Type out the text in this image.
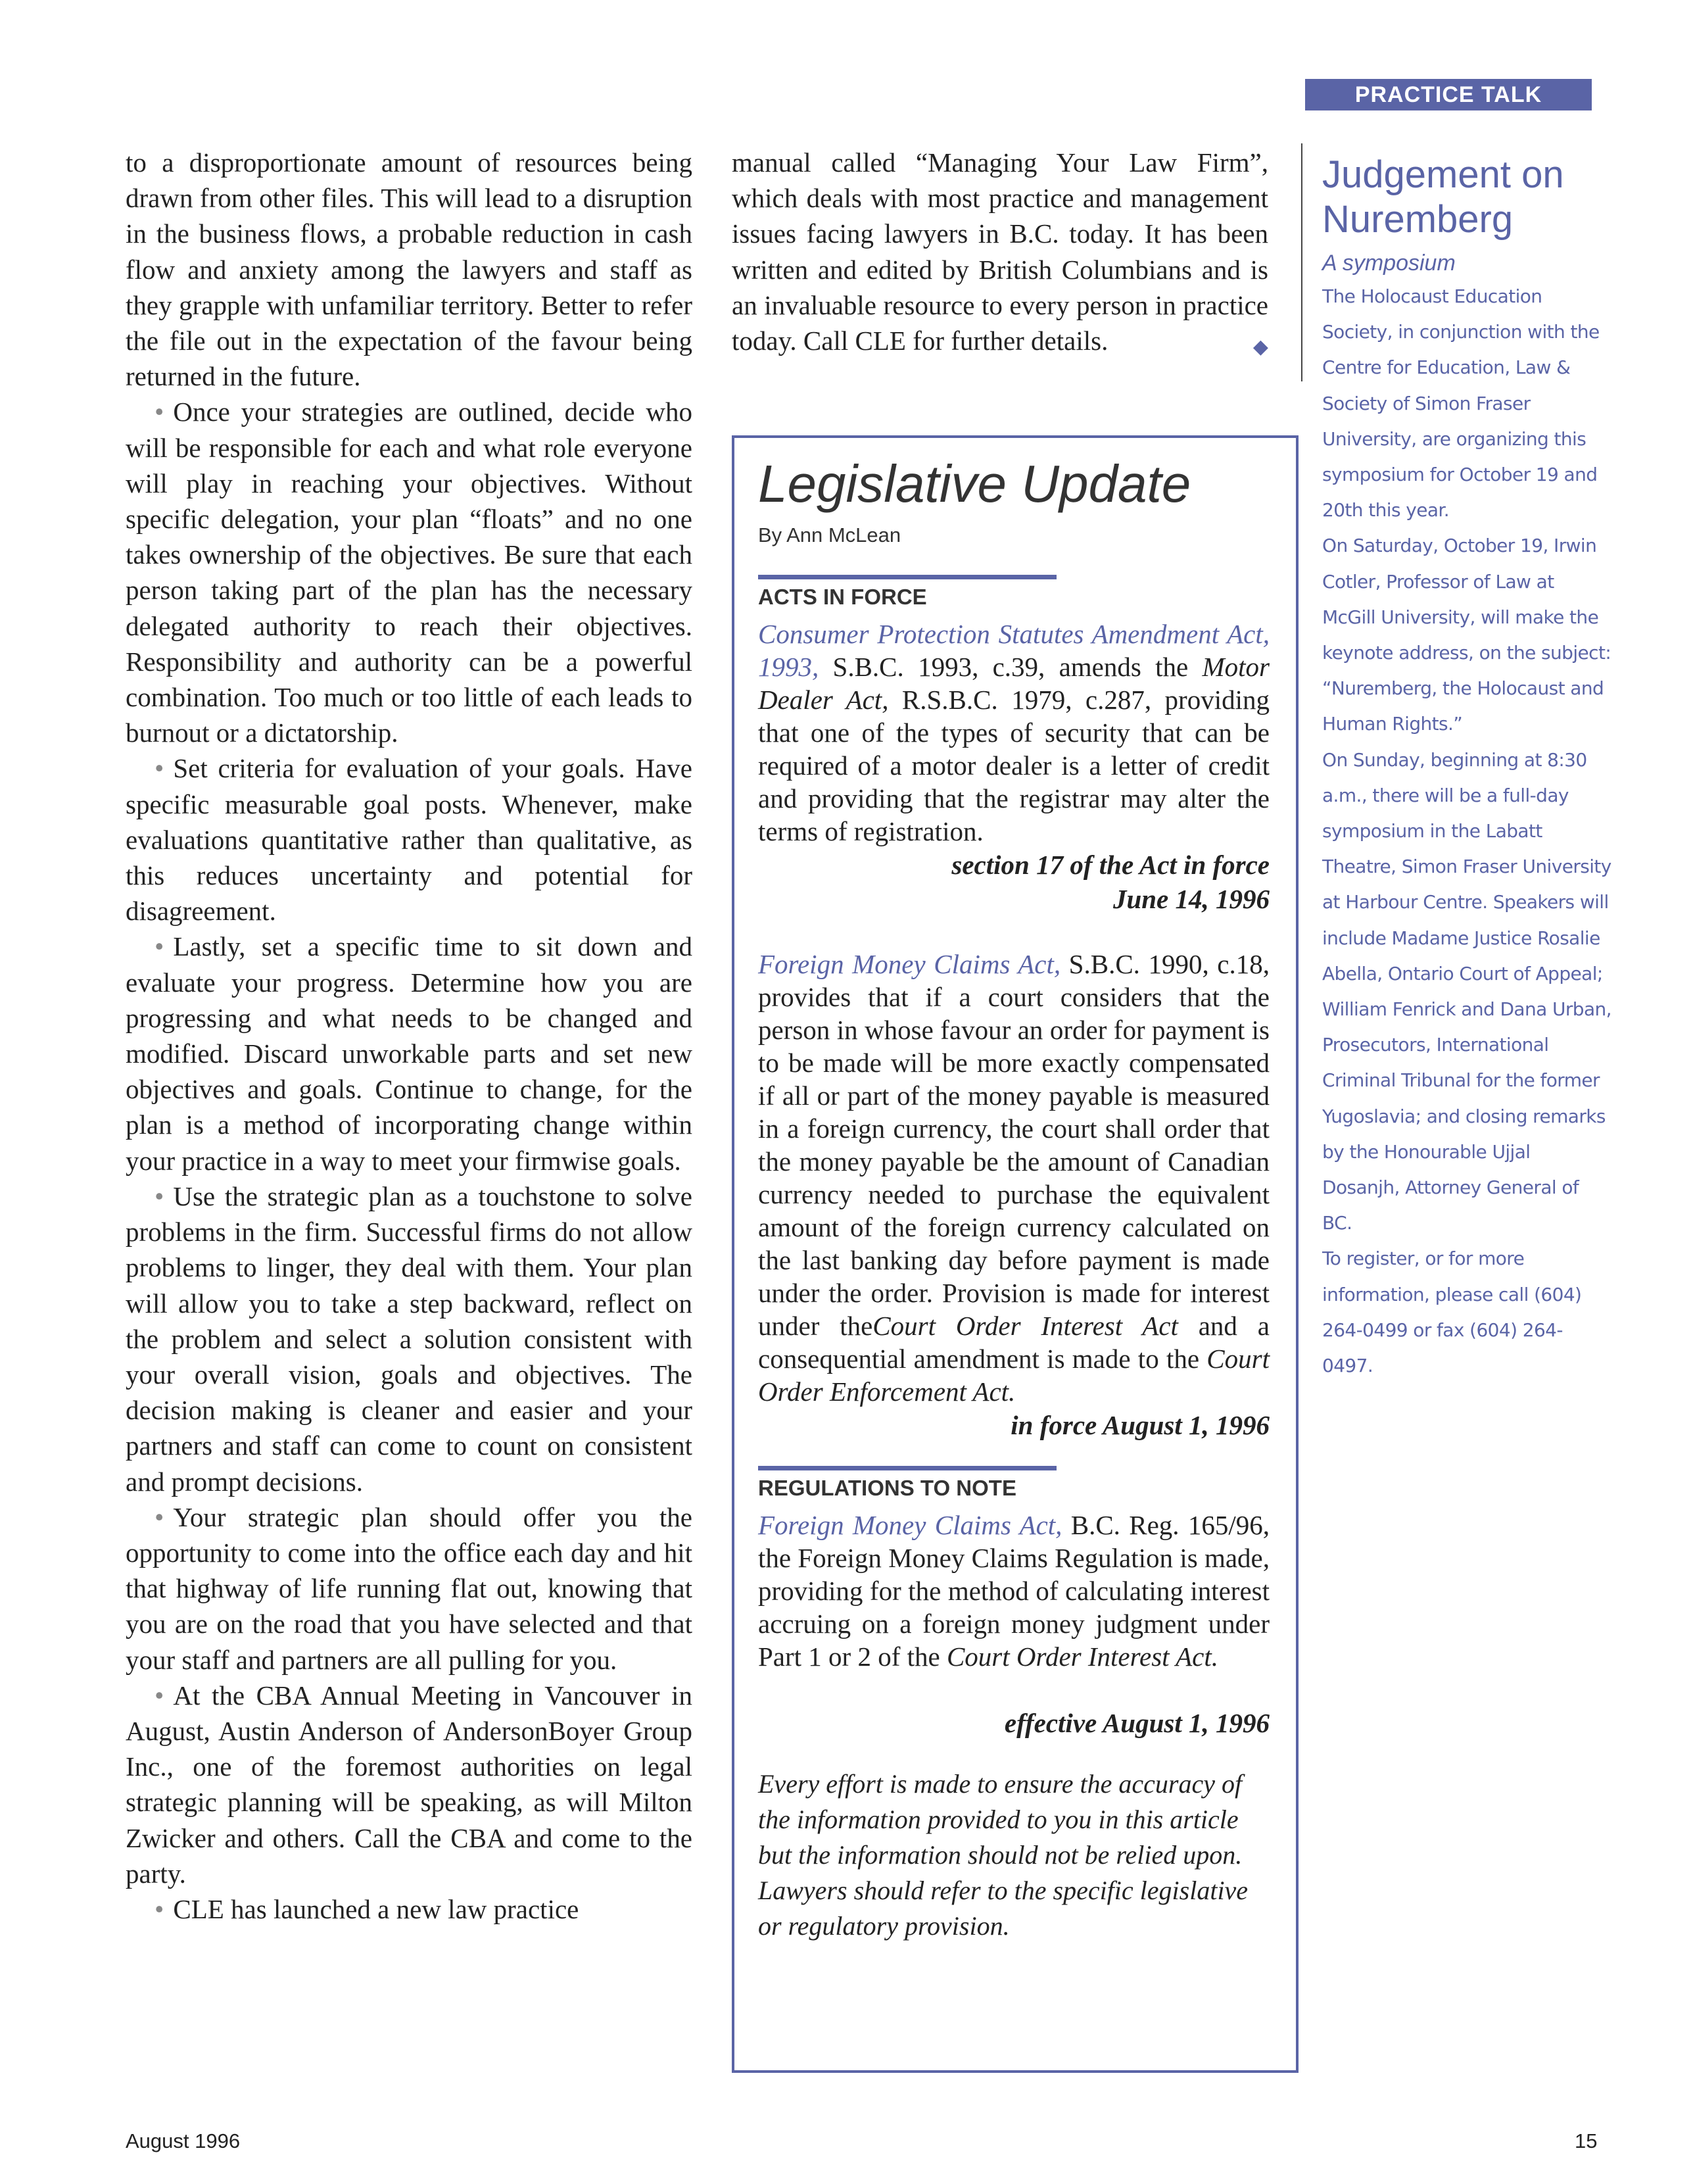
PRACTICE TALK

to a disproportionate amount of resources being drawn from other files. This will lead to a disruption in the business flows, a probable reduction in cash flow and anxiety among the lawyers and staff as they grapple with unfamiliar territory. Better to refer the file out in the expectation of the favour being returned in the future.

• Once your strategies are outlined, decide who will be responsible for each and what role everyone will play in reaching your objectives. Without specific delegation, your plan “floats” and no one takes ownership of the objectives. Be sure that each person taking part of the plan has the necessary delegated authority to reach their objectives. Responsibility and authority can be a powerful combination. Too much or too little of each leads to burnout or a dictatorship.

• Set criteria for evaluation of your goals. Have specific measurable goal posts. Whenever, make evaluations quantitative rather than qualitative, as this reduces uncertainty and potential for disagreement.

• Lastly, set a specific time to sit down and evaluate your progress. Determine how you are progressing and what needs to be changed and modified. Discard unworkable parts and set new objectives and goals. Continue to change, for the plan is a method of incorporating change within your practice in a way to meet your firmwise goals.

• Use the strategic plan as a touchstone to solve problems in the firm. Successful firms do not allow problems to linger, they deal with them. Your plan will allow you to take a step backward, reflect on the problem and select a solution consistent with your overall vision, goals and objectives. The decision making is cleaner and easier and your partners and staff can come to count on consistent and prompt decisions.

• Your strategic plan should offer you the opportunity to come into the office each day and hit that highway of life running flat out, knowing that you are on the road that you have selected and that your staff and partners are all pulling for you.

• At the CBA Annual Meeting in Vancouver in August, Austin Anderson of AndersonBoyer Group Inc., one of the foremost authorities on legal strategic planning will be speaking, as will Milton Zwicker and others. Call the CBA and come to the party.

• CLE has launched a new law practice

manual called “Managing Your Law Firm”, which deals with most practice and management issues facing lawyers in B.C. today. It has been written and edited by British Columbians and is an invaluable resource to every person in practice today. Call CLE for further details.	◆

Legislative Update

By Ann McLean

ACTS IN FORCE

Consumer Protection Statutes Amendment Act, 1993, S.B.C. 1993, c.39, amends the Motor Dealer Act, R.S.B.C. 1979, c.287, providing that one of the types of security that can be required of a motor dealer is a letter of credit and providing that the registrar may alter the terms of registration.

section 17 of the Act in force

June 14, 1996

Foreign Money Claims Act, S.B.C. 1990, c.18, provides that if a court considers that the person in whose favour an order for payment is to be made will be more exactly compensated if all or part of the money payable is measured in a foreign currency, the court shall order that the money payable be the amount of Canadian currency needed to purchase the equivalent amount of the foreign currency calculated on the last banking day before payment is made under the order. Provision is made for interest under theCourt Order Interest Act and a consequential amendment is made to the Court Order Enforcement Act.

in force August 1, 1996

REGULATIONS TO NOTE

Foreign Money Claims Act, B.C. Reg. 165/96, the Foreign Money Claims Regulation is made, providing for the method of calculating interest accruing on a foreign money judgment under Part 1 or 2 of the Court Order Interest Act.

effective August 1, 1996

Every effort is made to ensure the accuracy of the information provided to you in this article but the information should not be relied upon. Lawyers should refer to the specific legislative or regulatory provision.

Judgement on Nuremberg

A symposium

The Holocaust Education Society, in conjunction with the Centre for Education, Law & Society of Simon Fraser University, are organizing this symposium for October 19 and 20th this year.

On Saturday, October 19, Irwin Cotler, Professor of Law at McGill University, will make the keynote address, on the subject: “Nuremberg, the Holocaust and Human Rights.”

On Sunday, beginning at 8:30 a.m., there will be a full-day symposium in the Labatt Theatre, Simon Fraser University at Harbour Centre. Speakers will include Madame Justice Rosalie Abella, Ontario Court of Appeal; William Fenrick and Dana Urban, Prosecutors, International Criminal Tribunal for the former Yugoslavia; and closing remarks by the Honourable Ujjal Dosanjh, Attorney General of BC.

To register, or for more information, please call (604) 264-0499 or fax (604) 264-0497.

August 1996	15
